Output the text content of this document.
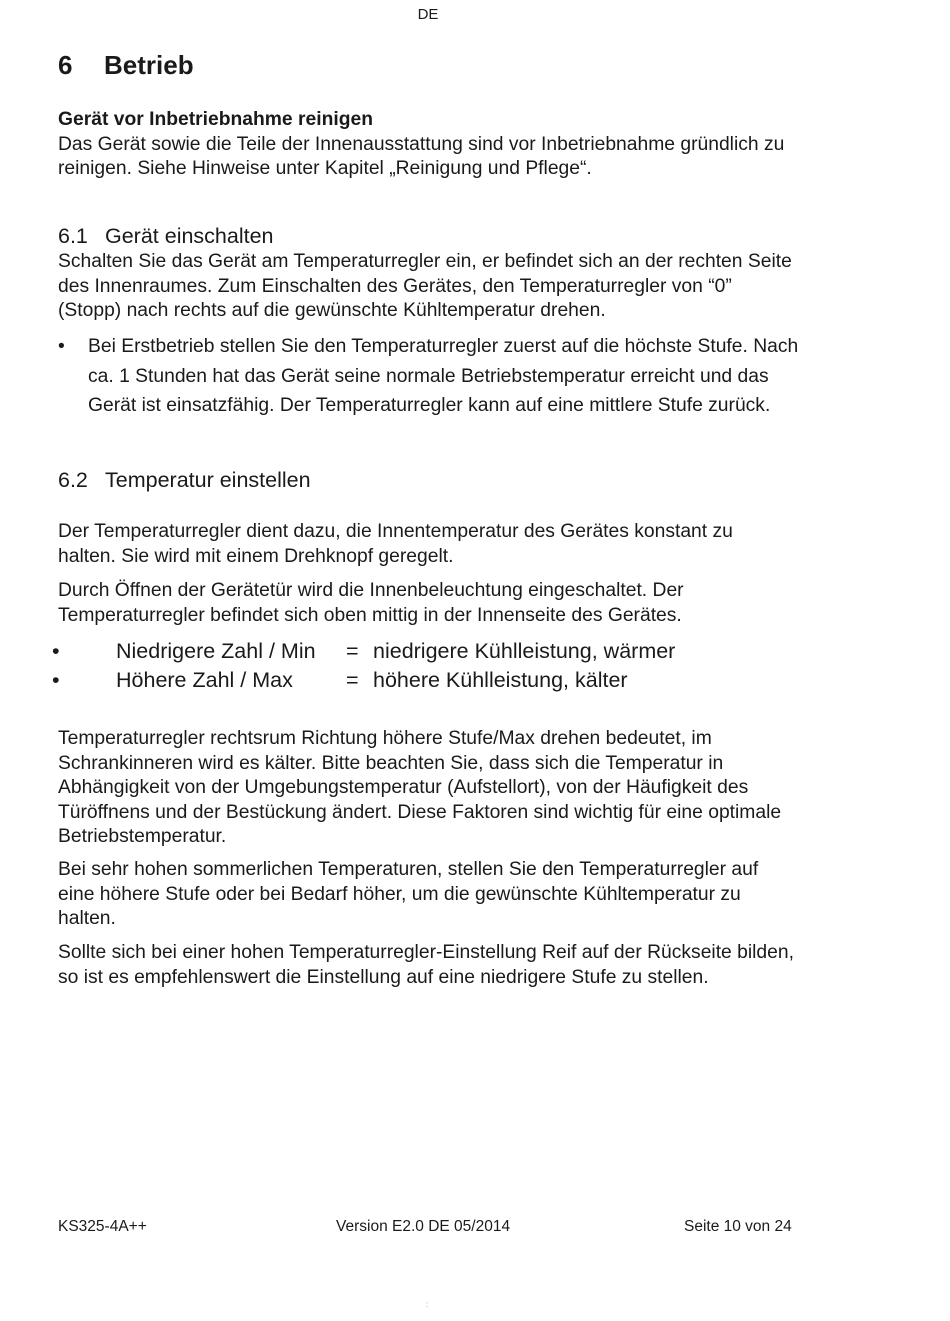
DE
6 Betrieb
Gerät vor Inbetriebnahme reinigen
Das Gerät sowie die Teile der Innenausstattung sind vor Inbetriebnahme gründlich zu
reinigen. Siehe Hinweise unter Kapitel „Reinigung und Pflege“.
6.1 Gerät einschalten
Schalten Sie das Gerät am Temperaturregler ein, er befindet sich an der rechten Seite
des Innenraumes. Zum Einschalten des Gerätes, den Temperaturregler von “0”
(Stopp) nach rechts auf die gewünschte Kühltemperatur drehen.
• Bei Erstbetrieb stellen Sie den Temperaturregler zuerst auf die höchste Stufe. Nach
ca. 1 Stunden hat das Gerät seine normale Betriebstemperatur erreicht und das
Gerät ist einsatzfähig. Der Temperaturregler kann auf eine mittlere Stufe zurück.
6.2 Temperatur einstellen
Der Temperaturregler dient dazu, die Innentemperatur des Gerätes konstant zu
halten. Sie wird mit einem Drehknopf geregelt.
Durch Öffnen der Gerätetür wird die Innenbeleuchtung eingeschaltet. Der
Temperaturregler befindet sich oben mittig in der Innenseite des Gerätes.
•	Niedrigere Zahl / Min	= niedrigere Kühlleistung, wärmer
•	Höhere Zahl / Max	= höhere Kühlleistung, kälter
Temperaturregler rechtsrum Richtung höhere Stufe/Max drehen bedeutet, im
Schrankinneren wird es kälter. Bitte beachten Sie, dass sich die Temperatur in
Abhängigkeit von der Umgebungstemperatur (Aufstellort), von der Häufigkeit des
Türöffnens und der Bestückung ändert. Diese Faktoren sind wichtig für eine optimale
Betriebstemperatur.
Bei sehr hohen sommerlichen Temperaturen, stellen Sie den Temperaturregler auf
eine höhere Stufe oder bei Bedarf höher, um die gewünschte Kühltemperatur zu
halten.
Sollte sich bei einer hohen Temperaturregler-Einstellung Reif auf der Rückseite bilden,
so ist es empfehlenswert die Einstellung auf eine niedrigere Stufe zu stellen.
KS325-4A++	Version E2.0 DE 05/2014	Seite 10 von 24
:
